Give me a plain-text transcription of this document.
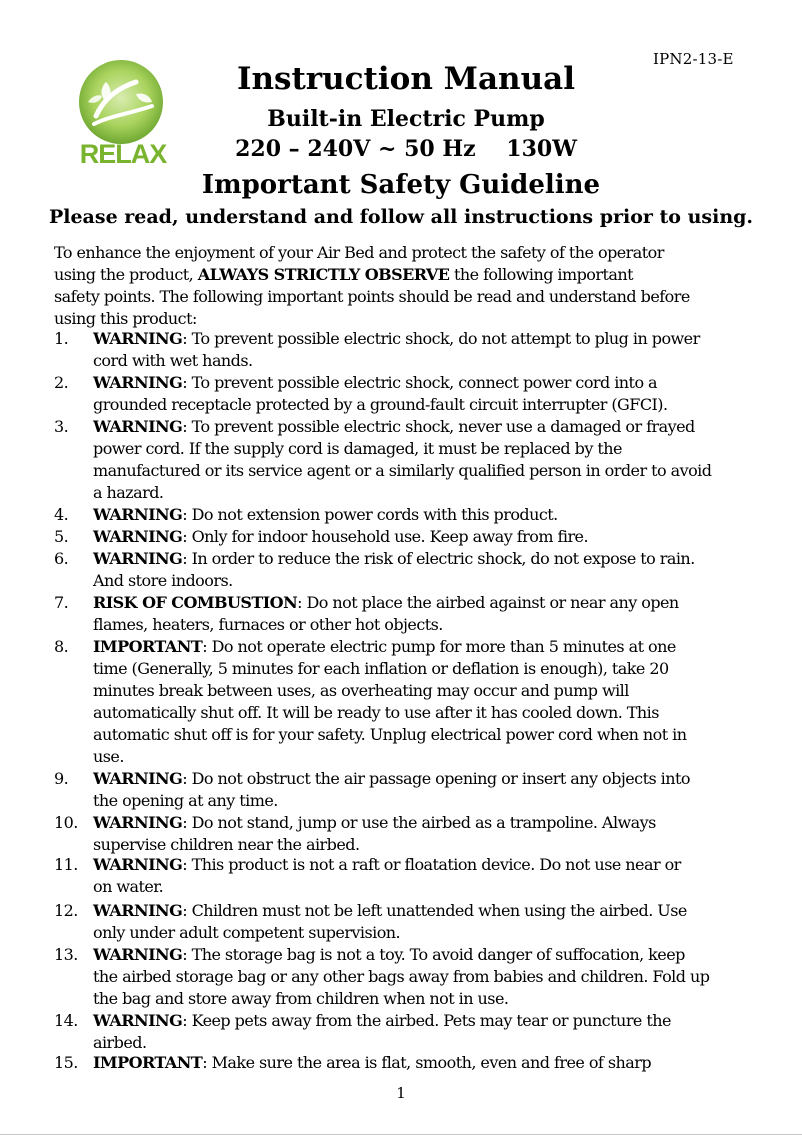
IPN2-13-E
RELAX
Instruction Manual
Built-in Electric Pump
220 – 240V ~ 50 Hz 130W
Important Safety Guideline
Please read, understand and follow all instructions prior to using.
To enhance the enjoyment of your Air Bed and protect the safety of the operator
using the product, ALWAYS STRICTLY OBSERVE the following important
safety points. The following important points should be read and understand before
using this product:
1. WARNING: To prevent possible electric shock, do not attempt to plug in power
cord with wet hands.
2. WARNING: To prevent possible electric shock, connect power cord into a
grounded receptacle protected by a ground-fault circuit interrupter (GFCI).
3. WARNING: To prevent possible electric shock, never use a damaged or frayed
power cord. If the supply cord is damaged, it must be replaced by the
manufactured or its service agent or a similarly qualified person in order to avoid
a hazard.
4. WARNING: Do not extension power cords with this product.
5. WARNING: Only for indoor household use. Keep away from fire.
6. WARNING: In order to reduce the risk of electric shock, do not expose to rain.
And store indoors.
7. RISK OF COMBUSTION: Do not place the airbed against or near any open
flames, heaters, furnaces or other hot objects.
8. IMPORTANT: Do not operate electric pump for more than 5 minutes at one
time (Generally, 5 minutes for each inflation or deflation is enough), take 20
minutes break between uses, as overheating may occur and pump will
automatically shut off. It will be ready to use after it has cooled down. This
automatic shut off is for your safety. Unplug electrical power cord when not in
use.
9. WARNING: Do not obstruct the air passage opening or insert any objects into
the opening at any time.
10. WARNING: Do not stand, jump or use the airbed as a trampoline. Always
supervise children near the airbed.
11. WARNING: This product is not a raft or floatation device. Do not use near or
on water.
12. WARNING: Children must not be left unattended when using the airbed. Use
only under adult competent supervision.
13. WARNING: The storage bag is not a toy. To avoid danger of suffocation, keep
the airbed storage bag or any other bags away from babies and children. Fold up
the bag and store away from children when not in use.
14. WARNING: Keep pets away from the airbed. Pets may tear or puncture the
airbed.
15. IMPORTANT: Make sure the area is flat, smooth, even and free of sharp
1
